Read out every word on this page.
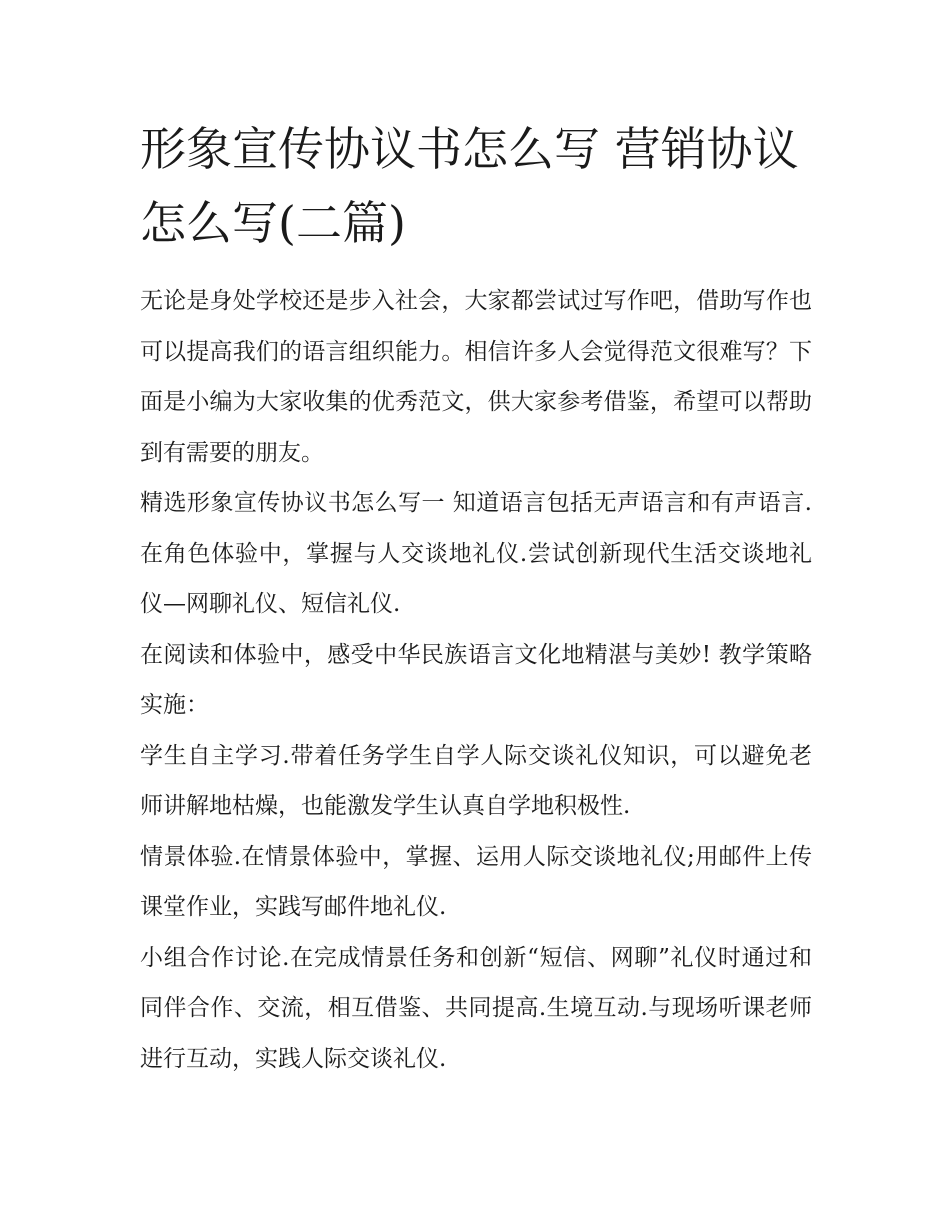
形象宣传协议书怎么写 营销协议怎么写(二篇)

无论是身处学校还是步入社会，大家都尝试过写作吧，借助写作也可以提高我们的语言组织能力。相信许多人会觉得范文很难写？下面是小编为大家收集的优秀范文，供大家参考借鉴，希望可以帮助到有需要的朋友。

精选形象宣传协议书怎么写一 知道语言包括无声语言和有声语言.在角色体验中，掌握与人交谈地礼仪.尝试创新现代生活交谈地礼仪—网聊礼仪、短信礼仪.

在阅读和体验中，感受中华民族语言文化地精湛与美妙! 教学策略实施：

学生自主学习.带着任务学生自学人际交谈礼仪知识，可以避免老师讲解地枯燥，也能激发学生认真自学地积极性.

情景体验.在情景体验中，掌握、运用人际交谈地礼仪;用邮件上传课堂作业，实践写邮件地礼仪.

小组合作讨论.在完成情景任务和创新“短信、网聊”礼仪时通过和同伴合作、交流，相互借鉴、共同提高.生境互动.与现场听课老师进行互动，实践人际交谈礼仪.
